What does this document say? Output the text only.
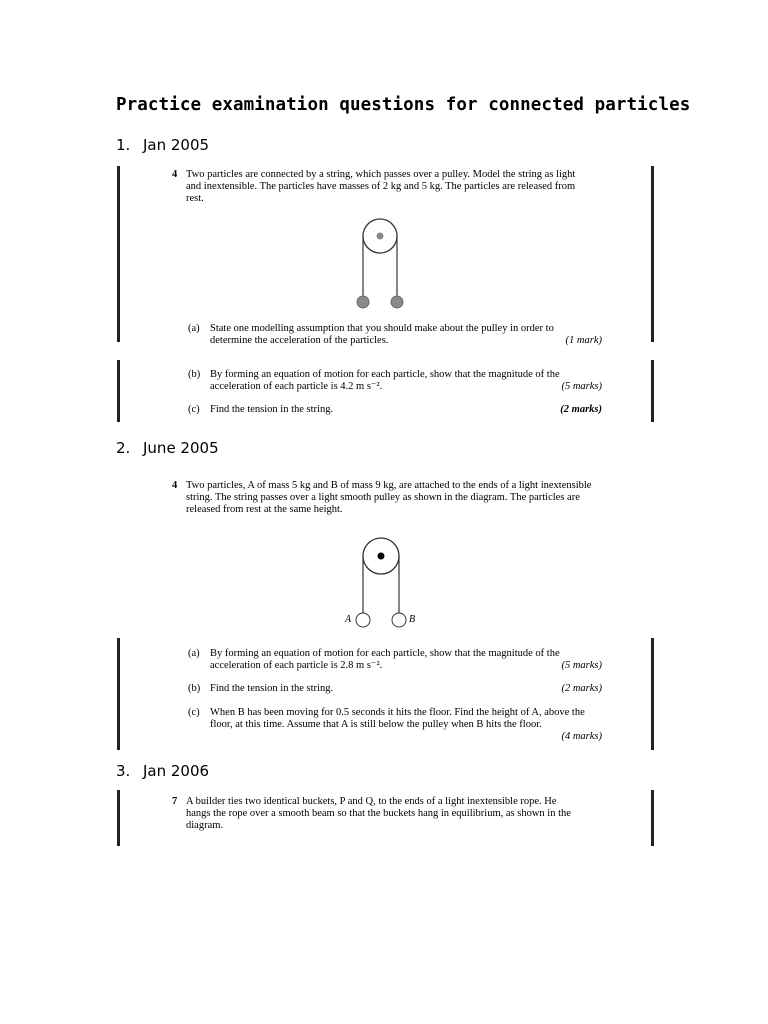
Practice examination questions for connected particles
1. Jan 2005
4 Two particles are connected by a string, which passes over a pulley. Model the string as light
and inextensible. The particles have masses of 2 kg and 5 kg. The particles are released from
rest.
(a) State one modelling assumption that you should make about the pulley in order to
determine the acceleration of the particles.	(1 mark)
(b) By forming an equation of motion for each particle, show that the magnitude of the
acceleration of each particle is 4.2 m s⁻².	(5 marks)
(c) Find the tension in the string.	(2 marks)
2. June 2005
4 Two particles, A of mass 5 kg and B of mass 9 kg, are attached to the ends of a light inextensible
string. The string passes over a light smooth pulley as shown in the diagram. The particles are
released from rest at the same height.
A	B
(a) By forming an equation of motion for each particle, show that the magnitude of the
acceleration of each particle is 2.8 m s⁻².	(5 marks)
(b) Find the tension in the string.	(2 marks)
(c) When B has been moving for 0.5 seconds it hits the floor. Find the height of A, above the
floor, at this time. Assume that A is still below the pulley when B hits the floor.
(4 marks)
3. Jan 2006
7 A builder ties two identical buckets, P and Q, to the ends of a light inextensible rope. He
hangs the rope over a smooth beam so that the buckets hang in equilibrium, as shown in the
diagram.
